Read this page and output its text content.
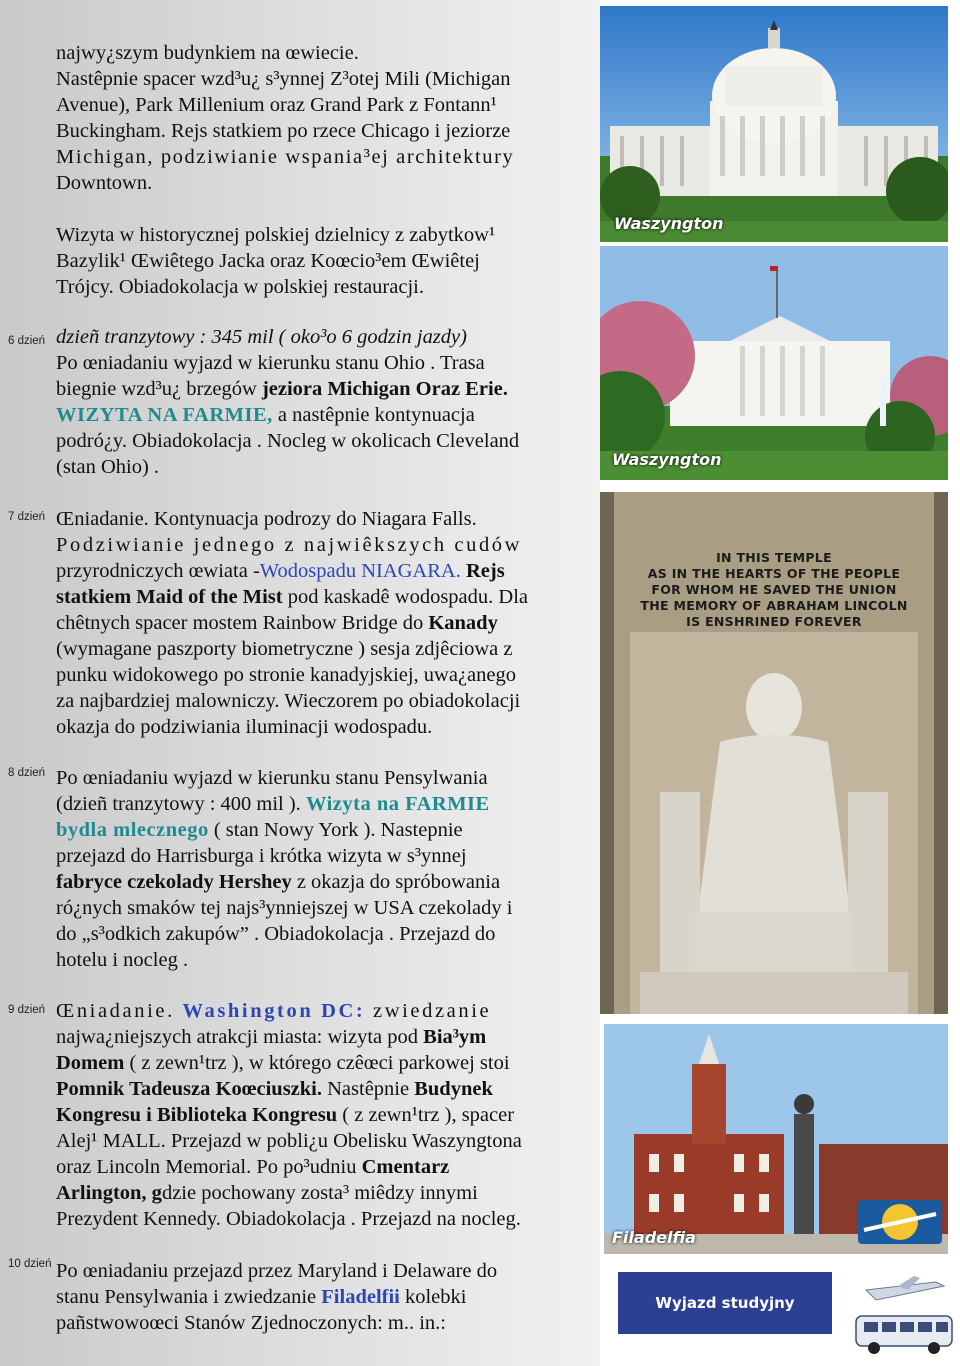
najwy¿szym budynkiem na œwiecie.

Nastêpnie spacer wzd³u¿ s³ynnej Z³otej Mili (Michigan

Avenue), Park Millenium oraz Grand Park z Fontann¹

Buckingham. Rejs statkiem po rzece Chicago i jeziorze

Michigan, podziwianie wspania³ej architektury

Downtown.

Wizyta w historycznej polskiej dzielnicy z zabytkow¹

Bazylik¹ Œwiêtego Jacka oraz Koœcio³em Œwiêtej

Trójcy. Obiadokolacja w polskiej restauracji.

6 dzień dzieñ tranzytowy : 345 mil ( oko³o 6 godzin jazdy)

Po œniadaniu wyjazd w kierunku stanu Ohio . Trasa

biegnie wzd³u¿ brzegów jeziora Michigan Oraz Erie.

WIZYTA NA FARMIE, a nastêpnie kontynuacja

podró¿y. Obiadokolacja . Nocleg w okolicach Cleveland

(stan Ohio) .

7 dzień Œniadanie. Kontynuacja podrozy do Niagara Falls.

Podziwianie jednego z najwiêkszych cudów

przyrodniczych œwiata -Wodospadu NIAGARA. Rejs

statkiem Maid of the Mist pod kaskadê wodospadu. Dla

chêtnych spacer mostem Rainbow Bridge do Kanady

(wymagane paszporty biometryczne ) sesja zdjêciowa z

punku widokowego po stronie kanadyjskiej, uwa¿anego

za najbardziej malowniczy. Wieczorem po obiadokolacji

okazja do podziwiania iluminacji wodospadu.

8 dzień Po œniadaniu wyjazd w kierunku stanu Pensylwania

(dzieñ tranzytowy : 400 mil ). Wizyta na FARMIE

bydla mlecznego ( stan Nowy York ). Nastepnie

przejazd do Harrisburga i krótka wizyta w s³ynnej

fabryce czekolady Hershey z okazja do spróbowania

ró¿nych smaków tej najs³ynniejszej w USA czekolady i

do „s³odkich zakupów” . Obiadokolacja . Przejazd do

hotelu i nocleg .

9 dzień Œniadanie. Washington DC: zwiedzanie

najwa¿niejszych atrakcji miasta: wizyta pod Bia³ym

Domem ( z zewn¹trz ), w którego czêœci parkowej stoi

Pomnik Tadeusza Koœciuszki. Nastêpnie Budynek

Kongresu i Biblioteka Kongresu ( z zewn¹trz ), spacer

Alej¹ MALL. Przejazd w pobli¿u Obelisku Waszyngtona

oraz Lincoln Memorial. Po po³udniu Cmentarz

Arlington, gdzie pochowany zosta³ miêdzy innymi

Prezydent Kennedy. Obiadokolacja . Przejazd na nocleg.

10 dzień Po œniadaniu przejazd przez Maryland i Delaware do

stanu Pensylwania i zwiedzanie Filadelfii kolebki

pañstwowoœci Stanów Zjednoczonych: m.. in.:

Waszyngton
Waszyngton
IN THIS TEMPLE
AS IN THE HEARTS OF THE PEOPLE
FOR WHOM HE SAVED THE UNION
THE MEMORY OF ABRAHAM LINCOLN
IS ENSHRINED FOREVER
Filadelfia
Wyjazd studyjny
